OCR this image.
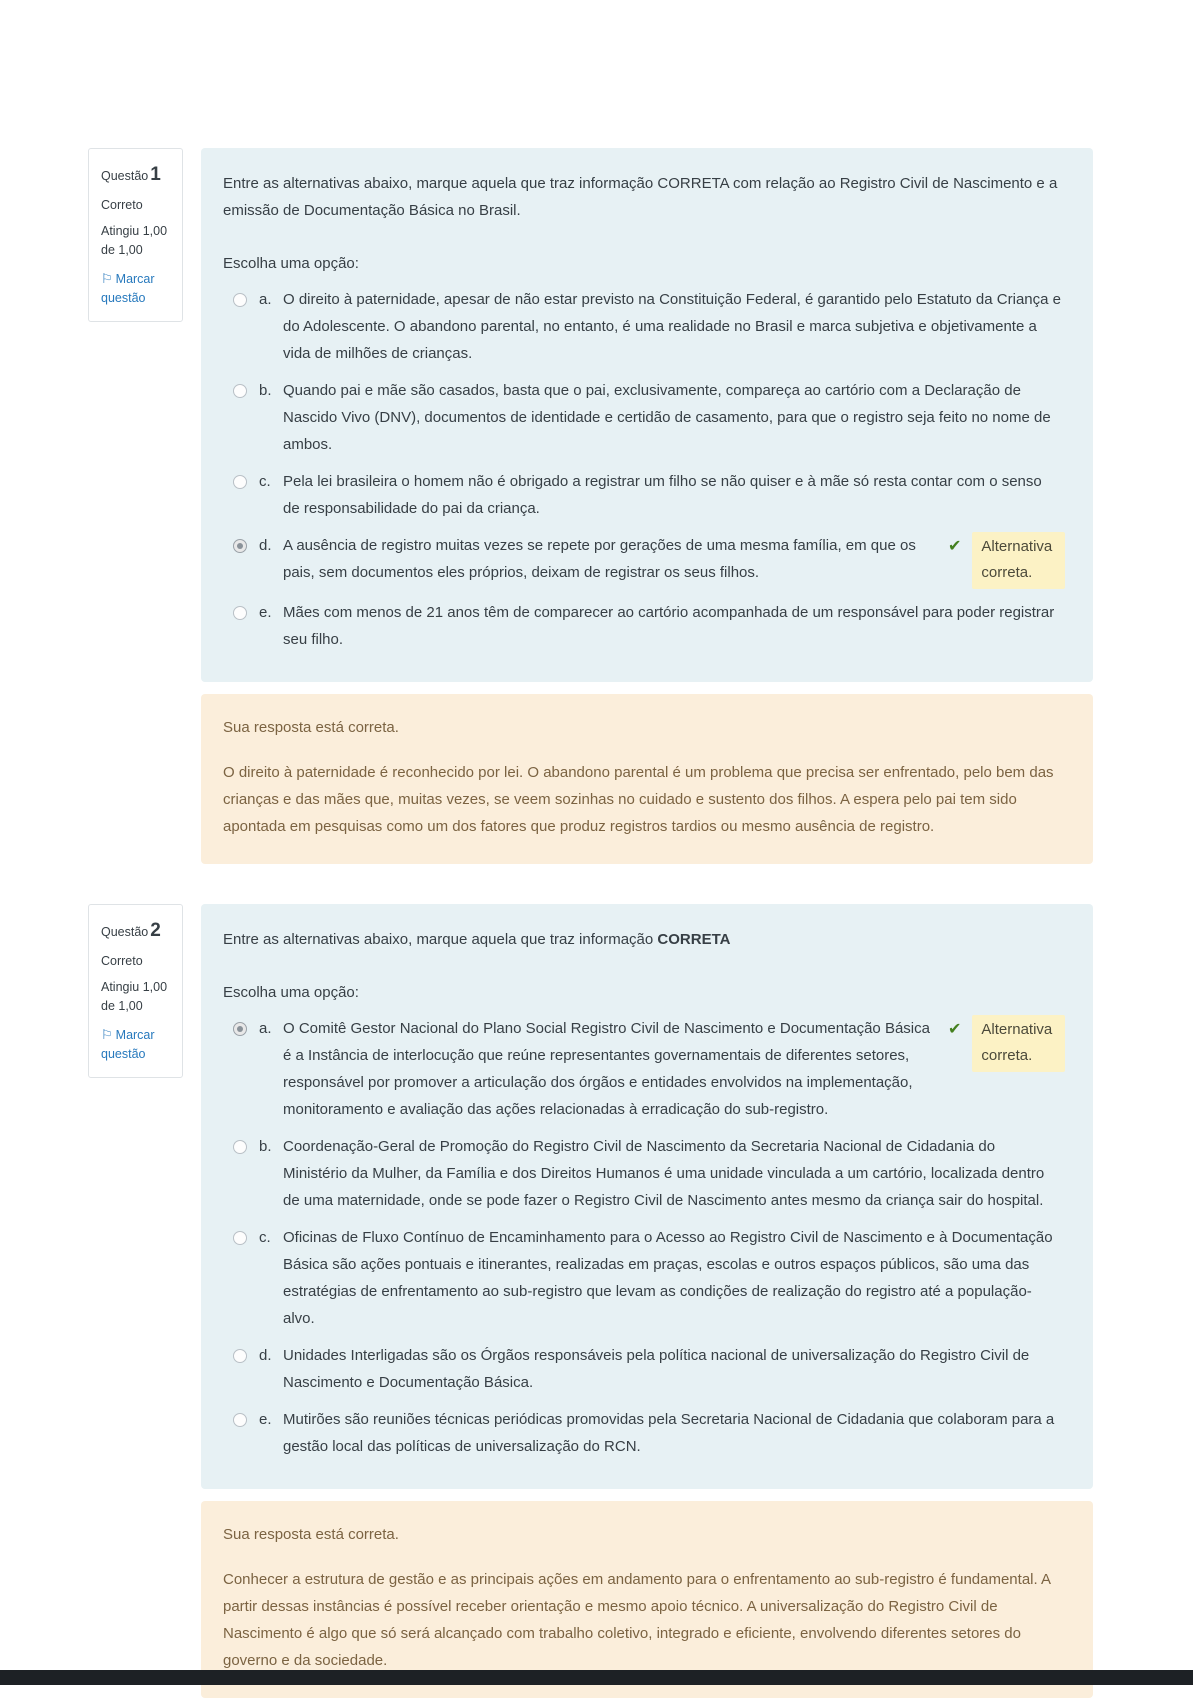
Questão 1
Correto
Atingiu 1,00 de 1,00
⚐ Marcar questão
Entre as alternativas abaixo, marque aquela que traz informação CORRETA com relação ao Registro Civil de Nascimento e a emissão de Documentação Básica no Brasil.
Escolha uma opção:
a. O direito à paternidade, apesar de não estar previsto na Constituição Federal, é garantido pelo Estatuto da Criança e do Adolescente. O abandono parental, no entanto, é uma realidade no Brasil e marca subjetiva e objetivamente a vida de milhões de crianças.
b. Quando pai e mãe são casados, basta que o pai, exclusivamente, compareça ao cartório com a Declaração de Nascido Vivo (DNV), documentos de identidade e certidão de casamento, para que o registro seja feito no nome de ambos.
c. Pela lei brasileira o homem não é obrigado a registrar um filho se não quiser e à mãe só resta contar com o senso de responsabilidade do pai da criança.
d. A ausência de registro muitas vezes se repete por gerações de uma mesma família, em que os pais, sem documentos eles próprios, deixam de registrar os seus filhos.
✔	Alternativa correta.
e. Mães com menos de 21 anos têm de comparecer ao cartório acompanhada de um responsável para poder registrar seu filho.
Sua resposta está correta.
O direito à paternidade é reconhecido por lei. O abandono parental é um problema que precisa ser enfrentado, pelo bem das crianças e das mães que, muitas vezes, se veem sozinhas no cuidado e sustento dos filhos. A espera pelo pai tem sido apontada em pesquisas como um dos fatores que produz registros tardios ou mesmo ausência de registro.
Questão 2
Correto
Atingiu 1,00 de 1,00
⚐ Marcar questão
Entre as alternativas abaixo, marque aquela que traz informação CORRETA
Escolha uma opção:
a. O Comitê Gestor Nacional do Plano Social Registro Civil de Nascimento e Documentação Básica é a Instância de interlocução que reúne representantes governamentais de diferentes setores, responsável por promover a articulação dos órgãos e entidades envolvidos na implementação, monitoramento e avaliação das ações relacionadas à erradicação do sub-registro.
✔	Alternativa correta.
b. Coordenação-Geral de Promoção do Registro Civil de Nascimento da Secretaria Nacional de Cidadania do Ministério da Mulher, da Família e dos Direitos Humanos é uma unidade vinculada a um cartório, localizada dentro de uma maternidade, onde se pode fazer o Registro Civil de Nascimento antes mesmo da criança sair do hospital.
c. Oficinas de Fluxo Contínuo de Encaminhamento para o Acesso ao Registro Civil de Nascimento e à Documentação Básica são ações pontuais e itinerantes, realizadas em praças, escolas e outros espaços públicos, são uma das estratégias de enfrentamento ao sub-registro que levam as condições de realização do registro até a população-alvo.
d. Unidades Interligadas são os Órgãos responsáveis pela política nacional de universalização do Registro Civil de Nascimento e Documentação Básica.
e. Mutirões são reuniões técnicas periódicas promovidas pela Secretaria Nacional de Cidadania que colaboram para a gestão local das políticas de universalização do RCN.
Sua resposta está correta.
Conhecer a estrutura de gestão e as principais ações em andamento para o enfrentamento ao sub-registro é fundamental. A partir dessas instâncias é possível receber orientação e mesmo apoio técnico. A universalização do Registro Civil de Nascimento é algo que só será alcançado com trabalho coletivo, integrado e eficiente, envolvendo diferentes setores do governo e da sociedade.
